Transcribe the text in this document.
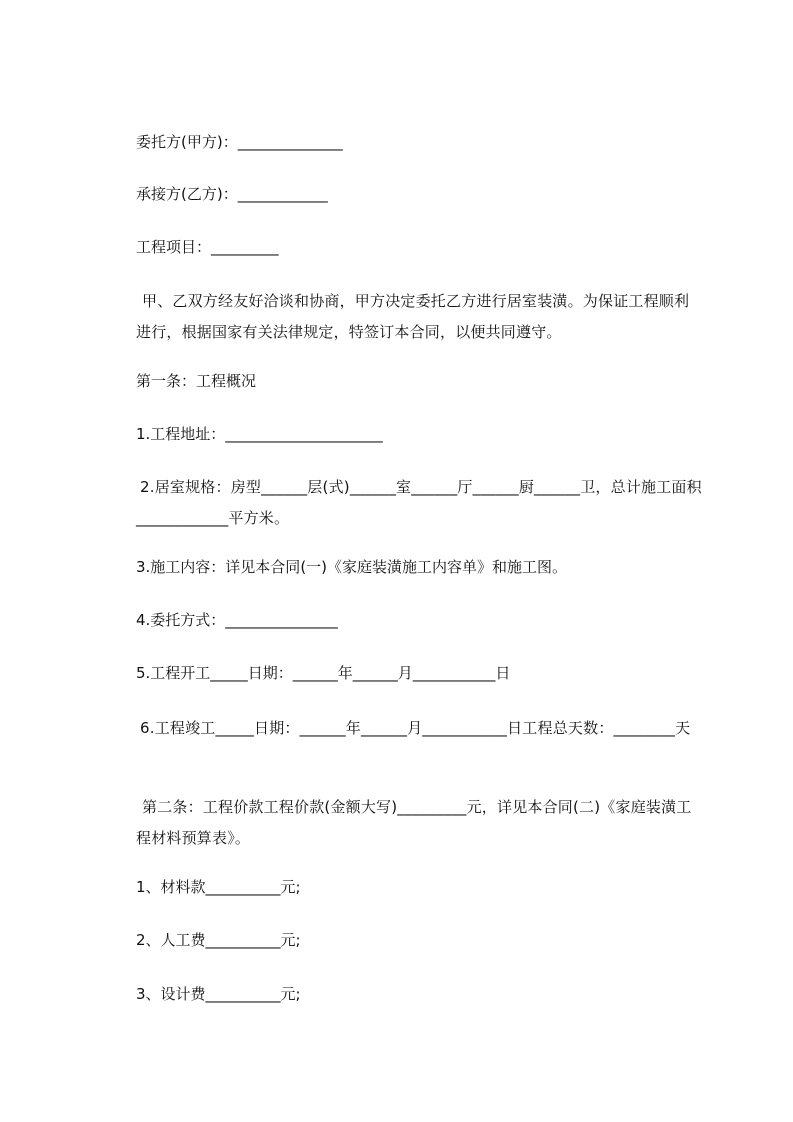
委托方(甲方)：______________
承接方(乙方)：____________
工程项目：_________
甲、乙双方经友好洽谈和协商，甲方决定委托乙方进行居室装潢。为保证工程顺利进行，根据国家有关法律规定，特签订本合同，以便共同遵守。
第一条：工程概况
1.工程地址：_____________________
2.居室规格：房型______层(式)______室______厅______厨______卫，总计施工面积____________平方米。
3.施工内容：详见本合同(一)《家庭装潢施工内容单》和施工图。
4.委托方式：_______________
5.工程开工_____日期：______年______月___________日
6.工程竣工_____日期：______年______月___________日工程总天数：________天
第二条：工程价款工程价款(金额大写)_________元，详见本合同(二)《家庭装潢工程材料预算表》。
1、材料款__________元;
2、人工费__________元;
3、设计费__________元;
